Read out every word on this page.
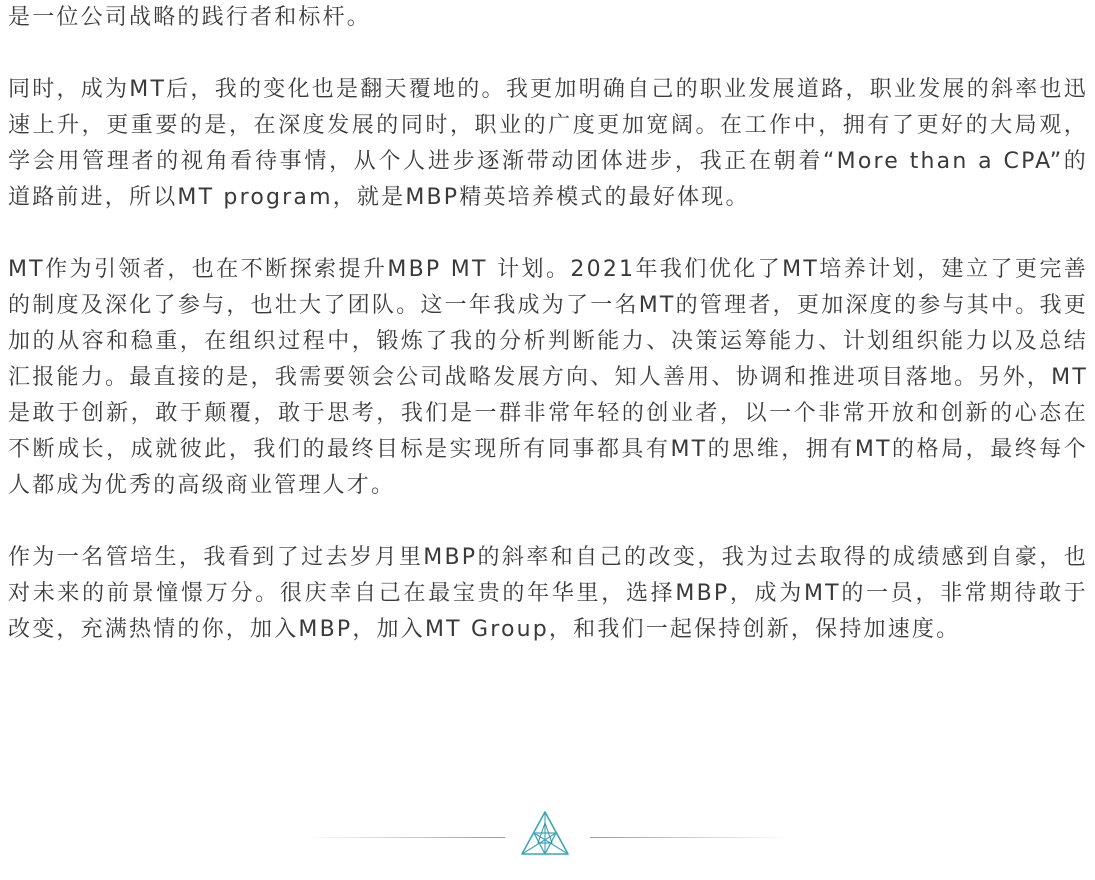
是一位公司战略的践行者和标杆。

同时，成为MT后，我的变化也是翻天覆地的。我更加明确自己的职业发展道路，职业发展的斜率也迅速上升，更重要的是，在深度发展的同时，职业的广度更加宽阔。在工作中，拥有了更好的大局观，学会用管理者的视角看待事情，从个人进步逐渐带动团体进步，我正在朝着“More than a CPA”的道路前进，所以MT program，就是MBP精英培养模式的最好体现。

MT作为引领者，也在不断探索提升MBP MT 计划。2021年我们优化了MT培养计划，建立了更完善的制度及深化了参与，也壮大了团队。这一年我成为了一名MT的管理者，更加深度的参与其中。我更加的从容和稳重，在组织过程中，锻炼了我的分析判断能力、决策运筹能力、计划组织能力以及总结汇报能力。最直接的是，我需要领会公司战略发展方向、知人善用、协调和推进项目落地。另外，MT是敢于创新，敢于颠覆，敢于思考，我们是一群非常年轻的创业者，以一个非常开放和创新的心态在不断成长，成就彼此，我们的最终目标是实现所有同事都具有MT的思维，拥有MT的格局，最终每个人都成为优秀的高级商业管理人才。

作为一名管培生，我看到了过去岁月里MBP的斜率和自己的改变，我为过去取得的成绩感到自豪，也对未来的前景憧憬万分。很庆幸自己在最宝贵的年华里，选择MBP，成为MT的一员，非常期待敢于改变，充满热情的你，加入MBP，加入MT Group，和我们一起保持创新，保持加速度。
